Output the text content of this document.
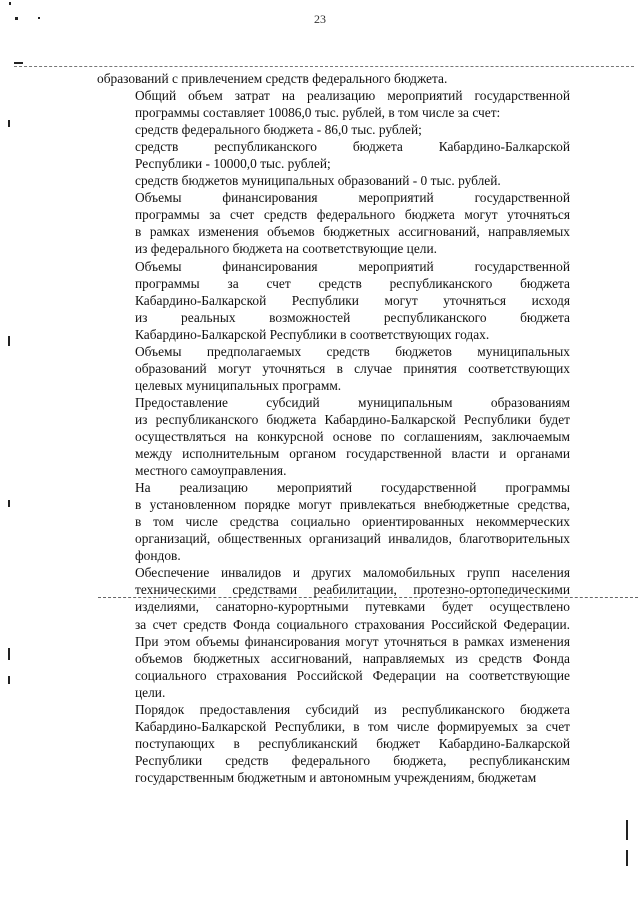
23

образований с привлечением средств федерального бюджета.

Общий объем затрат на реализацию мероприятий государственной
программы составляет 10086,0 тыс. рублей, в том числе за счет:

средств федерального бюджета - 86,0 тыс. рублей;

средств республиканского бюджета Кабардино-Балкарской
Республики - 10000,0 тыс. рублей;

средств бюджетов муниципальных образований - 0 тыс. рублей.

Объемы финансирования мероприятий государственной
программы за счет средств федерального бюджета могут уточняться
в рамках изменения объемов бюджетных ассигнований, направляемых
из федерального бюджета на соответствующие цели.

Объемы финансирования мероприятий государственной
программы за счет средств республиканского бюджета
Кабардино-Балкарской Республики могут уточняться исходя
из реальных возможностей республиканского бюджета
Кабардино-Балкарской Республики в соответствующих годах.

Объемы предполагаемых средств бюджетов муниципальных
образований могут уточняться в случае принятия соответствующих
целевых муниципальных программ.

Предоставление субсидий муниципальным образованиям
из республиканского бюджета Кабардино-Балкарской Республики будет
осуществляться на конкурсной основе по соглашениям, заключаемым
между исполнительным органом государственной власти и органами
местного самоуправления.

На реализацию мероприятий государственной программы
в установленном порядке могут привлекаться внебюджетные средства,
в том числе средства социально ориентированных некоммерческих
организаций, общественных организаций инвалидов, благотворительных
фондов.

Обеспечение инвалидов и других маломобильных групп населения
техническими средствами реабилитации, протезно-ортопедическими
изделиями, санаторно-курортными путевками будет осуществлено
за счет средств Фонда социального страхования Российской Федерации.
При этом объемы финансирования могут уточняться в рамках изменения
объемов бюджетных ассигнований, направляемых из средств Фонда
социального страхования Российской Федерации на соответствующие
цели.

Порядок предоставления субсидий из республиканского бюджета
Кабардино-Балкарской Республики, в том числе формируемых за счет
поступающих в республиканский бюджет Кабардино-Балкарской
Республики средств федерального бюджета, республиканским
государственным бюджетным и автономным учреждениям, бюджетам
